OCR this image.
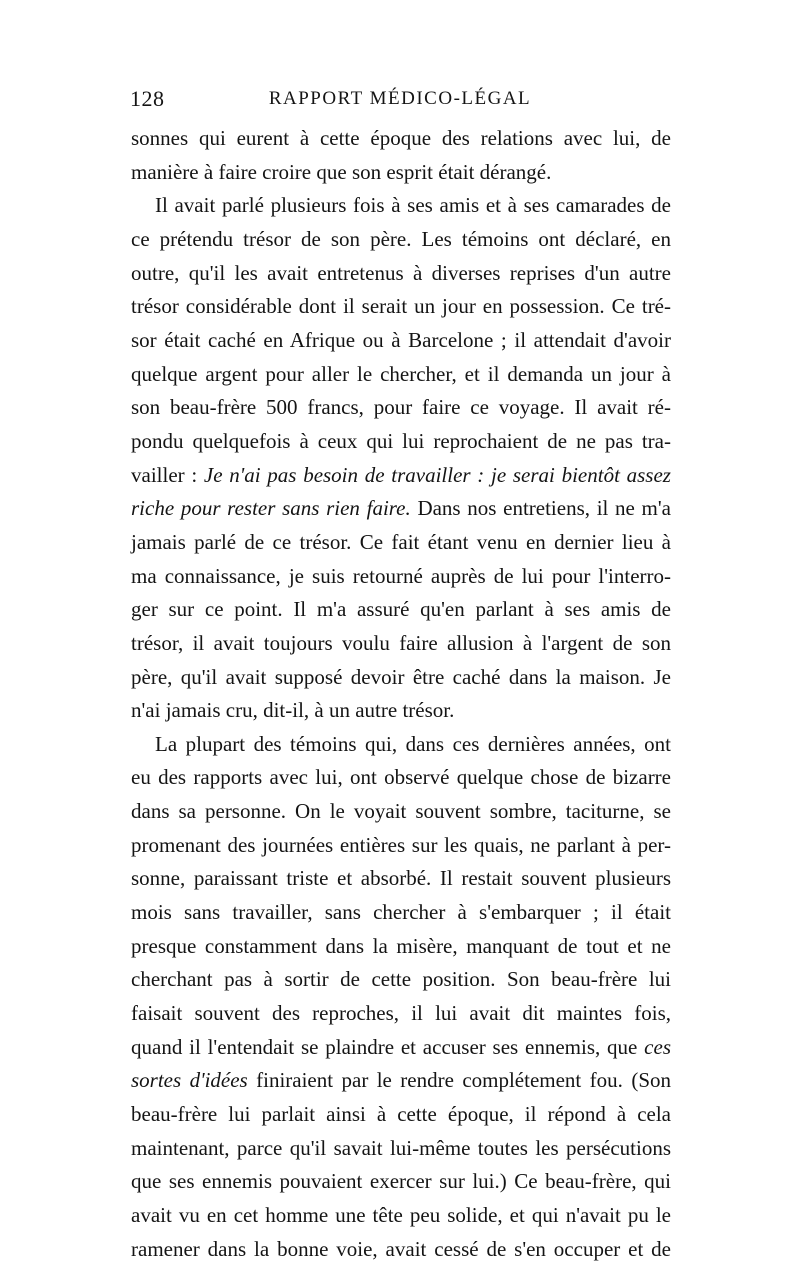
128	RAPPORT MÉDICO-LÉGAL
sonnes qui eurent à cette époque des relations avec lui, de
manière à faire croire que son esprit était dérangé.
Il avait parlé plusieurs fois à ses amis et à ses camarades de
ce prétendu trésor de son père. Les témoins ont déclaré, en
outre, qu'il les avait entretenus à diverses reprises d'un autre
trésor considérable dont il serait un jour en possession. Ce tré-
sor était caché en Afrique ou à Barcelone ; il attendait d'avoir
quelque argent pour aller le chercher, et il demanda un jour à
son beau-frère 500 francs, pour faire ce voyage. Il avait ré-
pondu quelquefois à ceux qui lui reprochaient de ne pas tra-
vailler : Je n'ai pas besoin de travailler : je serai bientôt assez
riche pour rester sans rien faire. Dans nos entretiens, il ne m'a
jamais parlé de ce trésor. Ce fait étant venu en dernier lieu à
ma connaissance, je suis retourné auprès de lui pour l'interro-
ger sur ce point. Il m'a assuré qu'en parlant à ses amis de
trésor, il avait toujours voulu faire allusion à l'argent de son
père, qu'il avait supposé devoir être caché dans la maison. Je
n'ai jamais cru, dit-il, à un autre trésor.
La plupart des témoins qui, dans ces dernières années, ont
eu des rapports avec lui, ont observé quelque chose de bizarre
dans sa personne. On le voyait souvent sombre, taciturne, se
promenant des journées entières sur les quais, ne parlant à per-
sonne, paraissant triste et absorbé. Il restait souvent plusieurs
mois sans travailler, sans chercher à s'embarquer ; il était
presque constamment dans la misère, manquant de tout et ne
cherchant pas à sortir de cette position. Son beau-frère lui
faisait souvent des reproches, il lui avait dit maintes fois,
quand il l'entendait se plaindre et accuser ses ennemis, que ces
sortes d'idées finiraient par le rendre complétement fou. (Son
beau-frère lui parlait ainsi à cette époque, il répond à cela
maintenant, parce qu'il savait lui-même toutes les persécutions
que ses ennemis pouvaient exercer sur lui.) Ce beau-frère, qui
avait vu en cet homme une tête peu solide, et qui n'avait pu le
ramener dans la bonne voie, avait cessé de s'en occuper et de
